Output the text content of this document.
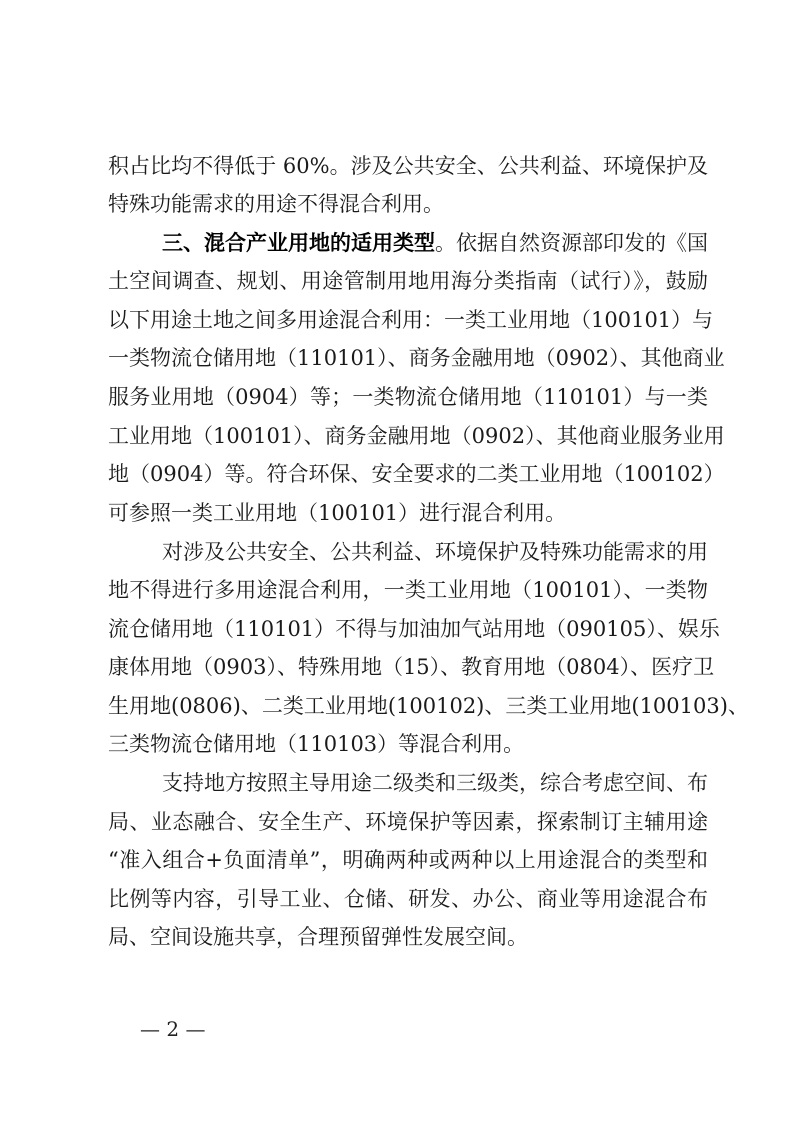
积占比均不得低于 60%。涉及公共安全、公共利益、环境保护及
特殊功能需求的用途不得混合利用。
三、混合产业用地的适用类型。依据自然资源部印发的《国
土空间调查、规划、用途管制用地用海分类指南（试行）》，鼓励
以下用途土地之间多用途混合利用：一类工业用地（100101）与
一类物流仓储用地（110101）、商务金融用地（0902）、其他商业
服务业用地（0904）等；一类物流仓储用地（110101）与一类
工业用地（100101）、商务金融用地（0902）、其他商业服务业用
地（0904）等。符合环保、安全要求的二类工业用地（100102）
可参照一类工业用地（100101）进行混合利用。
对涉及公共安全、公共利益、环境保护及特殊功能需求的用
地不得进行多用途混合利用，一类工业用地（100101）、一类物
流仓储用地（110101）不得与加油加气站用地（090105）、娱乐
康体用地（0903）、特殊用地（15）、教育用地（0804）、医疗卫
生用地(0806)、二类工业用地(100102)、三类工业用地(100103)、
三类物流仓储用地（110103）等混合利用。
支持地方按照主导用途二级类和三级类，综合考虑空间、布
局、业态融合、安全生产、环境保护等因素，探索制订主辅用途
“准入组合+负面清单”，明确两种或两种以上用途混合的类型和
比例等内容，引导工业、仓储、研发、办公、商业等用途混合布
局、空间设施共享，合理预留弹性发展空间。
— 2 —
